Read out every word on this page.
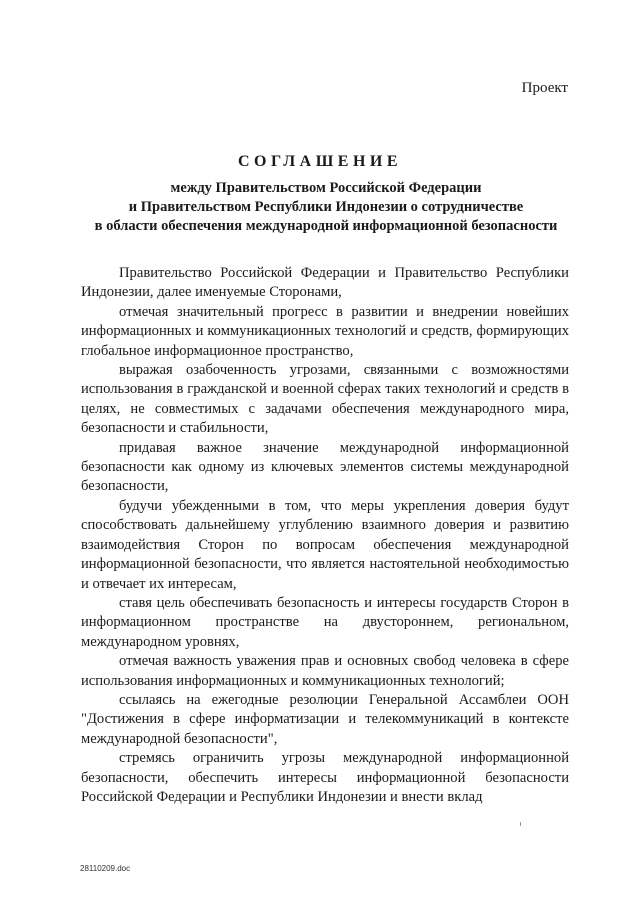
Проект
СОГЛАШЕНИЕ
между Правительством Российской Федерации
и Правительством Республики Индонезии о сотрудничестве
в области обеспечения международной информационной безопасности

Правительство Российской Федерации и Правительство Республики Индонезии, далее именуемые Сторонами,

отмечая значительный прогресс в развитии и внедрении новейших информационных и коммуникационных технологий и средств, формирующих глобальное информационное пространство,

выражая озабоченность угрозами, связанными с возможностями использования в гражданской и военной сферах таких технологий и средств в целях, не совместимых с задачами обеспечения международного мира, безопасности и стабильности,

придавая важное значение международной информационной безопасности как одному из ключевых элементов системы международной безопасности,

будучи убежденными в том, что меры укрепления доверия будут способствовать дальнейшему углублению взаимного доверия и развитию взаимодействия Сторон по вопросам обеспечения международной информационной безопасности, что является настоятельной необходимостью и отвечает их интересам,

ставя цель обеспечивать безопасность и интересы государств Сторон в информационном пространстве на двустороннем, региональном, международном уровнях,

отмечая важность уважения прав и основных свобод человека в сфере использования информационных и коммуникационных технологий;

ссылаясь на ежегодные резолюции Генеральной Ассамблеи ООН "Достижения в сфере информатизации и телекоммуникаций в контексте международной безопасности",

стремясь ограничить угрозы международной информационной безопасности, обеспечить интересы информационной безопасности Российской Федерации и Республики Индонезии и внести вклад

28110209.doc
